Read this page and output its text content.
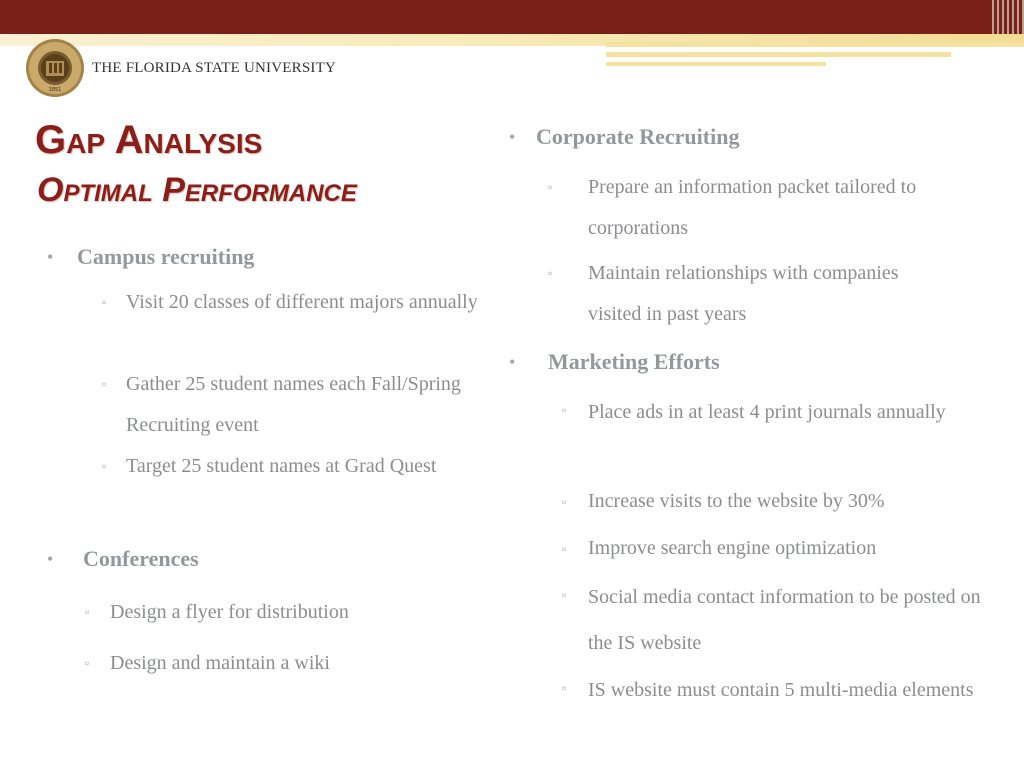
1851
THE FLORIDA STATE UNIVERSITY
Gap Analysis
Optimal Performance
• Campus recruiting
▫ Visit 20 classes of different majors annually
▫ Gather 25 student names each Fall/Spring Recruiting event
▫ Target 25 student names at Grad Quest
• Conferences
▫ Design a flyer for distribution
▫ Design and maintain a wiki
• Corporate Recruiting
▫ Prepare an information packet tailored to corporations
▫ Maintain relationships with companies visited in past years
• Marketing Efforts
▫ Place ads in at least 4 print journals annually
▫ Increase visits to the website by 30%
▫ Improve search engine optimization
▫ Social media contact information to be posted on the IS website
▫ IS website must contain 5 multi-media elements
